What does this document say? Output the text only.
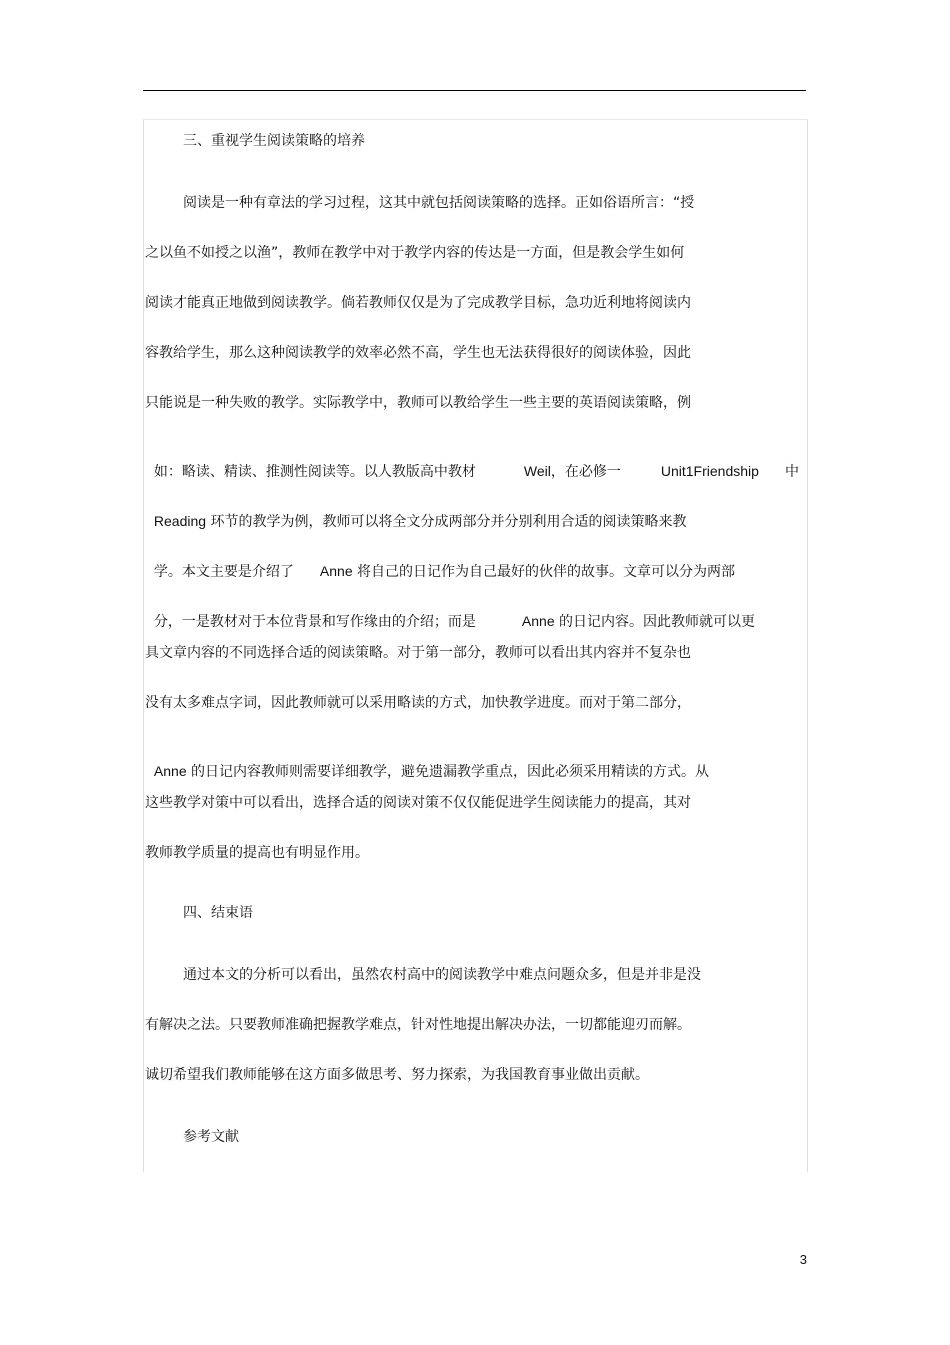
三、重视学生阅读策略的培养
阅读是一种有章法的学习过程，这其中就包括阅读策略的选择。正如俗语所言：“授
之以鱼不如授之以渔”，教师在教学中对于教学内容的传达是一方面，但是教会学生如何
阅读才能真正地做到阅读教学。倘若教师仅仅是为了完成教学目标，急功近利地将阅读内
容教给学生，那么这种阅读教学的效率必然不高，学生也无法获得很好的阅读体验，因此
只能说是一种失败的教学。实际教学中，教师可以教给学生一些主要的英语阅读策略，例

如：略读、精读、推测性阅读等。以人教版高中教材	Weil，在必修一	Unit1Friendship 中

Reading 环节的教学为例，教师可以将全文分成两部分并分别利用合适的阅读策略来教

学。本文主要是介绍了 Anne 将自己的日记作为自己最好的伙伴的故事。文章可以分为两部

分，一是教材对于本位背景和写作缘由的介绍；而是	Anne 的日记内容。因此教师就可以更

具文章内容的不同选择合适的阅读策略。对于第一部分，教师可以看出其内容并不复杂也
没有太多难点字词，因此教师就可以采用略读的方式，加快教学进度。而对于第二部分，

Anne 的日记内容教师则需要详细教学，避免遗漏教学重点，因此必须采用精读的方式。从

这些教学对策中可以看出，选择合适的阅读对策不仅仅能促进学生阅读能力的提高，其对
教师教学质量的提高也有明显作用。
四、结束语
通过本文的分析可以看出，虽然农村高中的阅读教学中难点问题众多，但是并非是没
有解决之法。只要教师准确把握教学难点，针对性地提出解决办法，一切都能迎刃而解。
诚切希望我们教师能够在这方面多做思考、努力探索，为我国教育事业做出贡献。
参考文献
3
